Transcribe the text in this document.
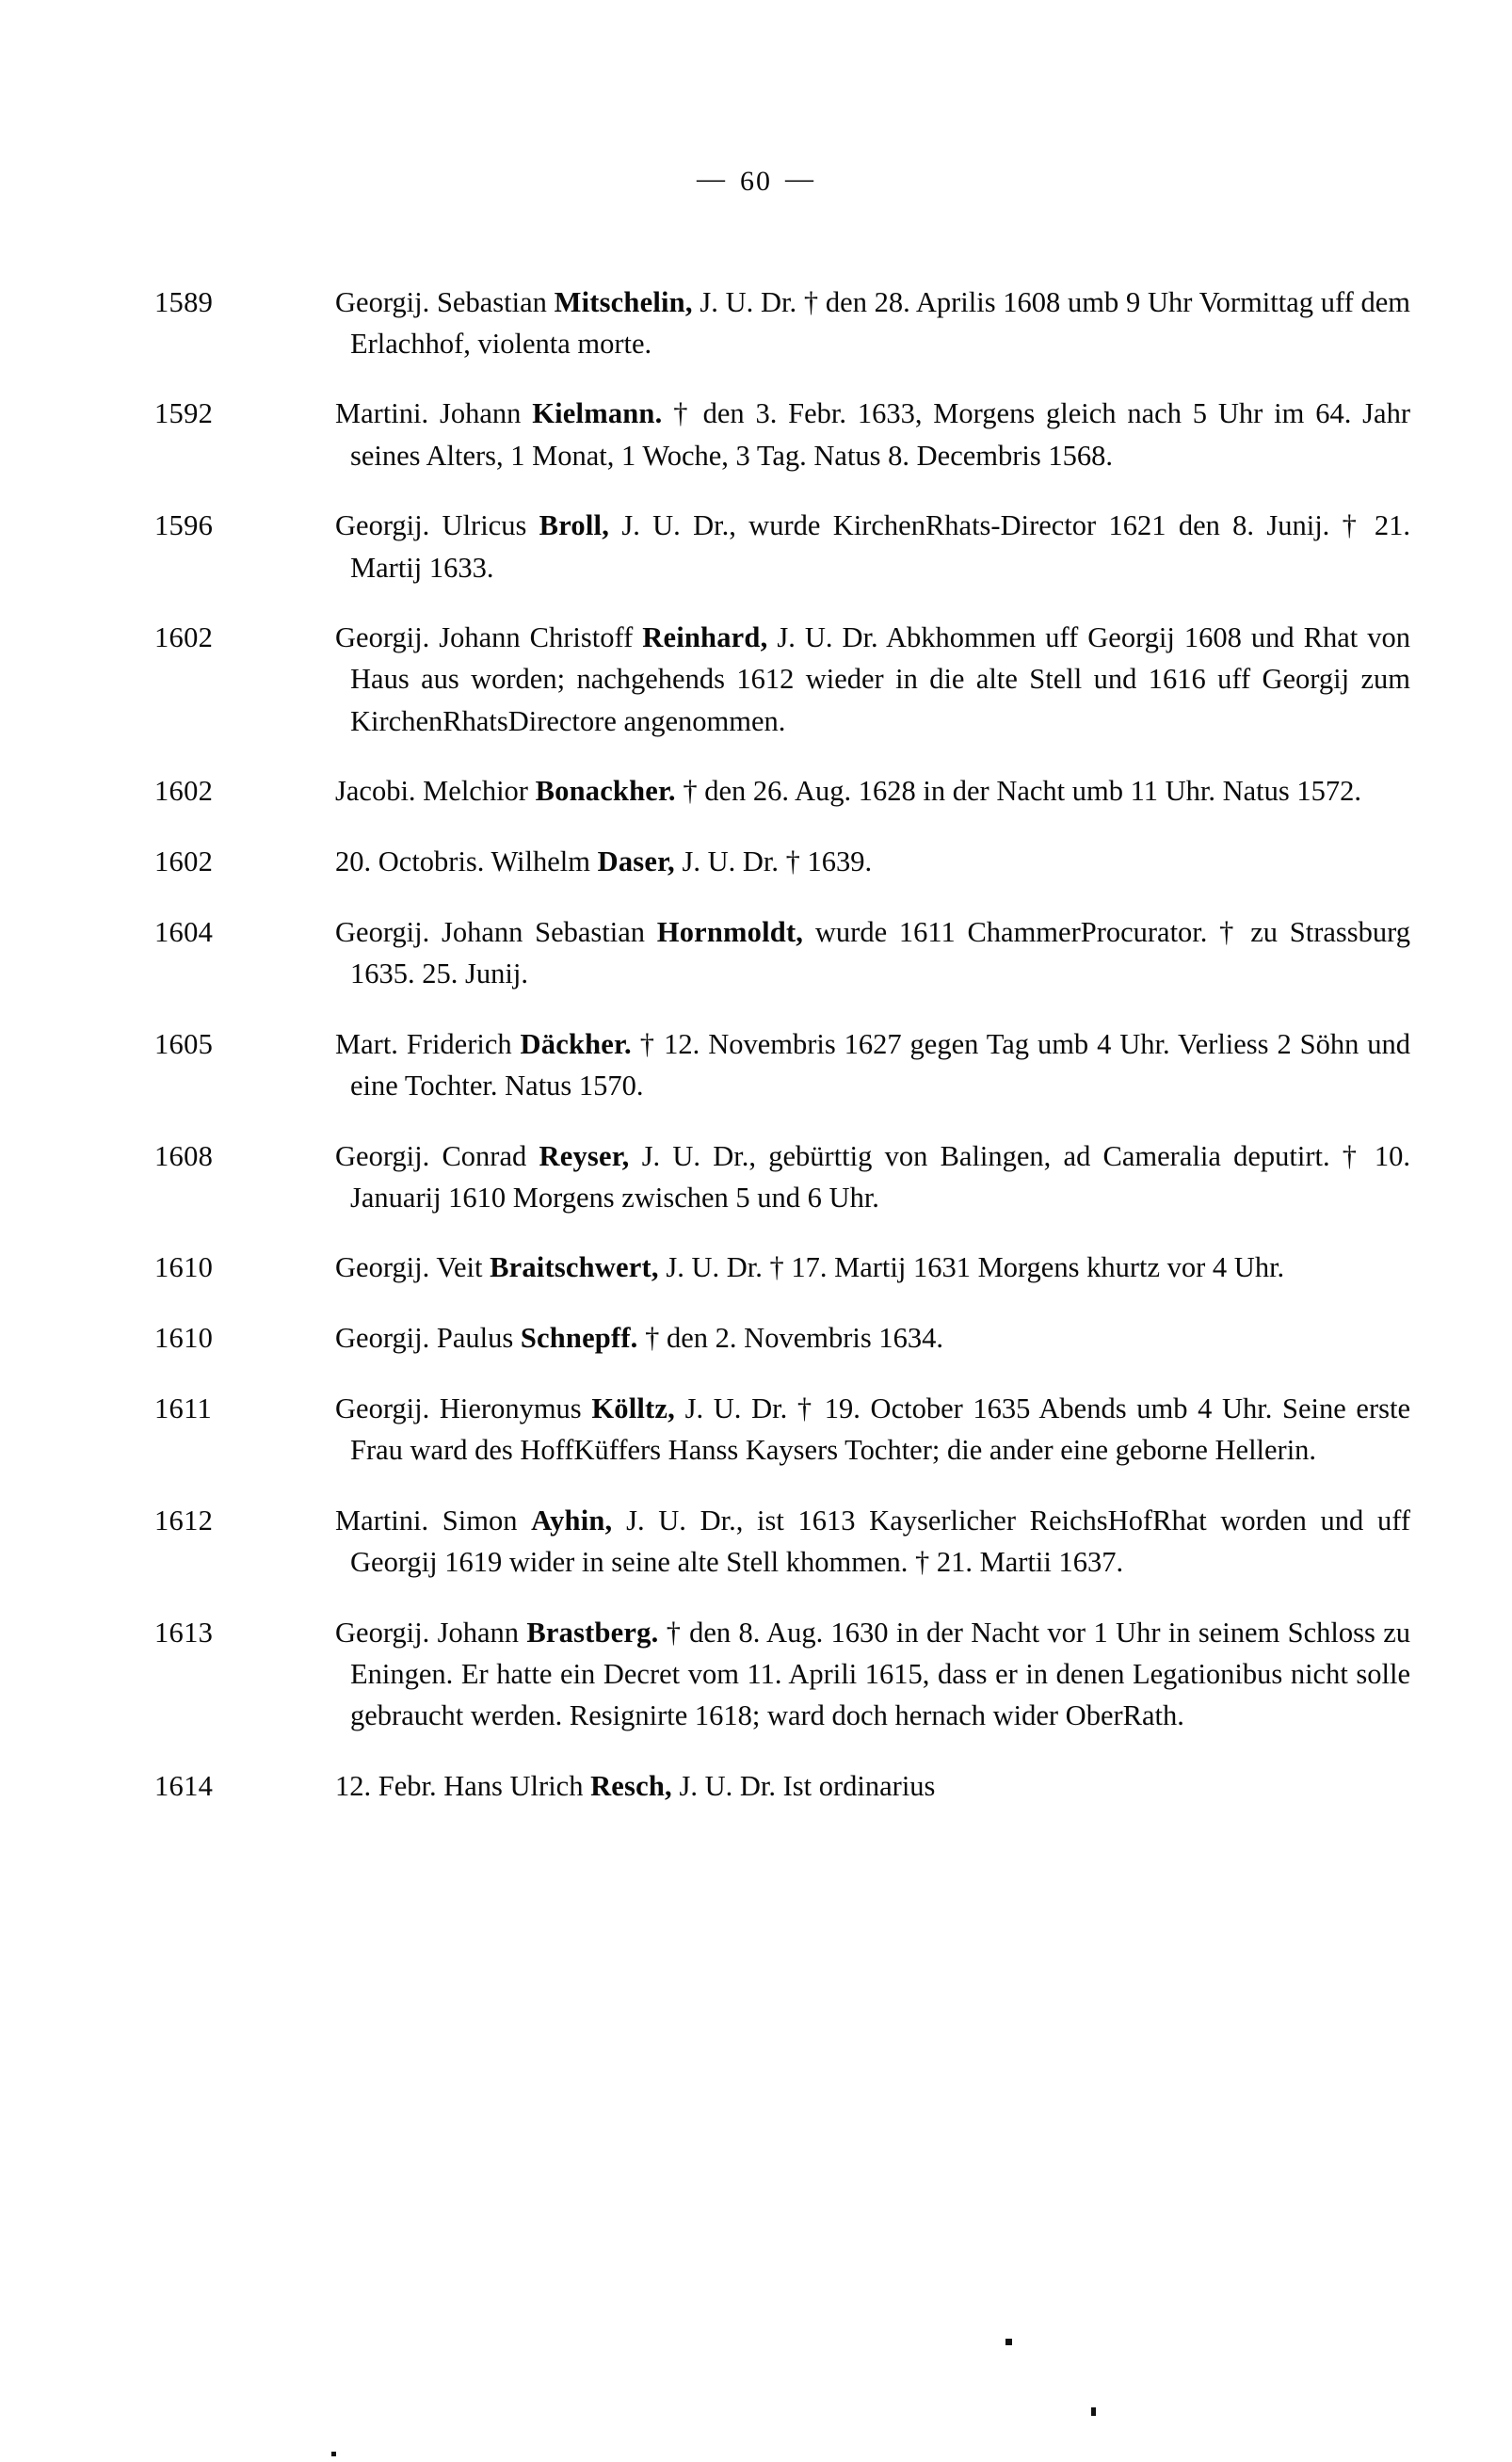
— 60 —

1589	Georgij. Sebastian Mitschelin, J. U. Dr. † den 28. Aprilis 1608 umb 9 Uhr Vormittag uff dem Erlachhof, violenta morte.

1592	Martini. Johann Kielmann. † den 3. Febr. 1633, Morgens gleich nach 5 Uhr im 64. Jahr seines Alters, 1 Monat, 1 Woche, 3 Tag. Natus 8. Decembris 1568.

1596	Georgij. Ulricus Broll, J. U. Dr., wurde KirchenRhats-Director 1621 den 8. Junij. † 21. Martij 1633.

1602	Georgij. Johann Christoff Reinhard, J. U. Dr. Abkhommen uff Georgij 1608 und Rhat von Haus aus worden; nachgehends 1612 wieder in die alte Stell und 1616 uff Georgij zum KirchenRhatsDirectore angenommen.

1602	Jacobi. Melchior Bonackher. † den 26. Aug. 1628 in der Nacht umb 11 Uhr. Natus 1572.

1602	20. Octobris. Wilhelm Daser, J. U. Dr. † 1639.

1604	Georgij. Johann Sebastian Hornmoldt, wurde 1611 ChammerProcurator. † zu Strassburg 1635. 25. Junij.

1605	Mart. Friderich Däckher. † 12. Novembris 1627 gegen Tag umb 4 Uhr. Verliess 2 Söhn und eine Tochter. Natus 1570.

1608	Georgij. Conrad Reyser, J. U. Dr., gebürttig von Balingen, ad Cameralia deputirt. † 10. Januarij 1610 Morgens zwischen 5 und 6 Uhr.

1610	Georgij. Veit Braitschwert, J. U. Dr. † 17. Martij 1631 Morgens khurtz vor 4 Uhr.

1610	Georgij. Paulus Schnepff. † den 2. Novembris 1634.

1611	Georgij. Hieronymus Kölltz, J. U. Dr. † 19. October 1635 Abends umb 4 Uhr. Seine erste Frau ward des HoffKüffers Hanss Kaysers Tochter; die ander eine geborne Hellerin.

1612	Martini. Simon Ayhin, J. U. Dr., ist 1613 Kayserlicher ReichsHofRhat worden und uff Georgij 1619 wider in seine alte Stell khommen. † 21. Martii 1637.

1613	Georgij. Johann Brastberg. † den 8. Aug. 1630 in der Nacht vor 1 Uhr in seinem Schloss zu Eningen. Er hatte ein Decret vom 11. Aprili 1615, dass er in denen Legationibus nicht solle gebraucht werden. Resignirte 1618; ward doch hernach wider OberRath.

1614	12. Febr. Hans Ulrich Resch, J. U. Dr. Ist ordinarius
